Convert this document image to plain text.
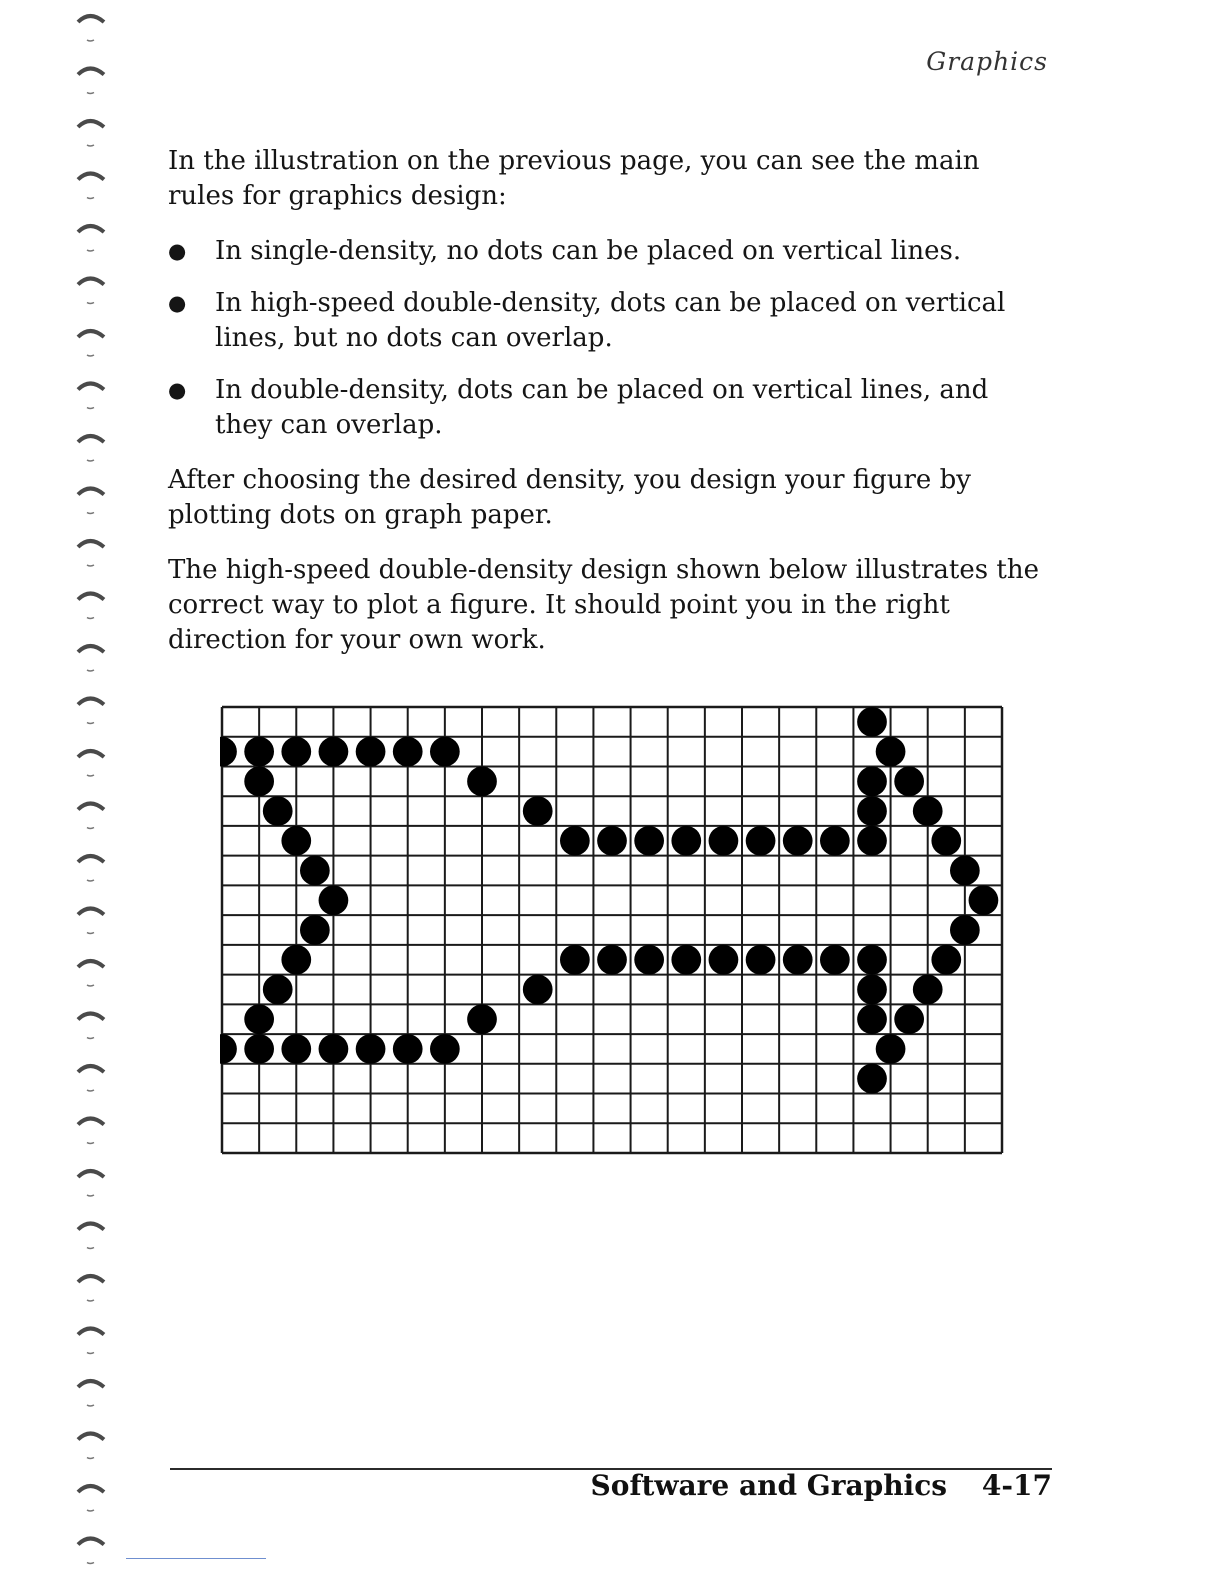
Graphics

In the illustration on the previous page, you can see the main rules for graphics design:

●	In single-density, no dots can be placed on vertical lines.
●	In high-speed double-density, dots can be placed on vertical lines, but no dots can overlap.
●	In double-density, dots can be placed on vertical lines, and they can overlap.

After choosing the desired density, you design your figure by plotting dots on graph paper.

The high-speed double-density design shown below illustrates the correct way to plot a figure. It should point you in the right direction for your own work.

Software and Graphics 4-17
